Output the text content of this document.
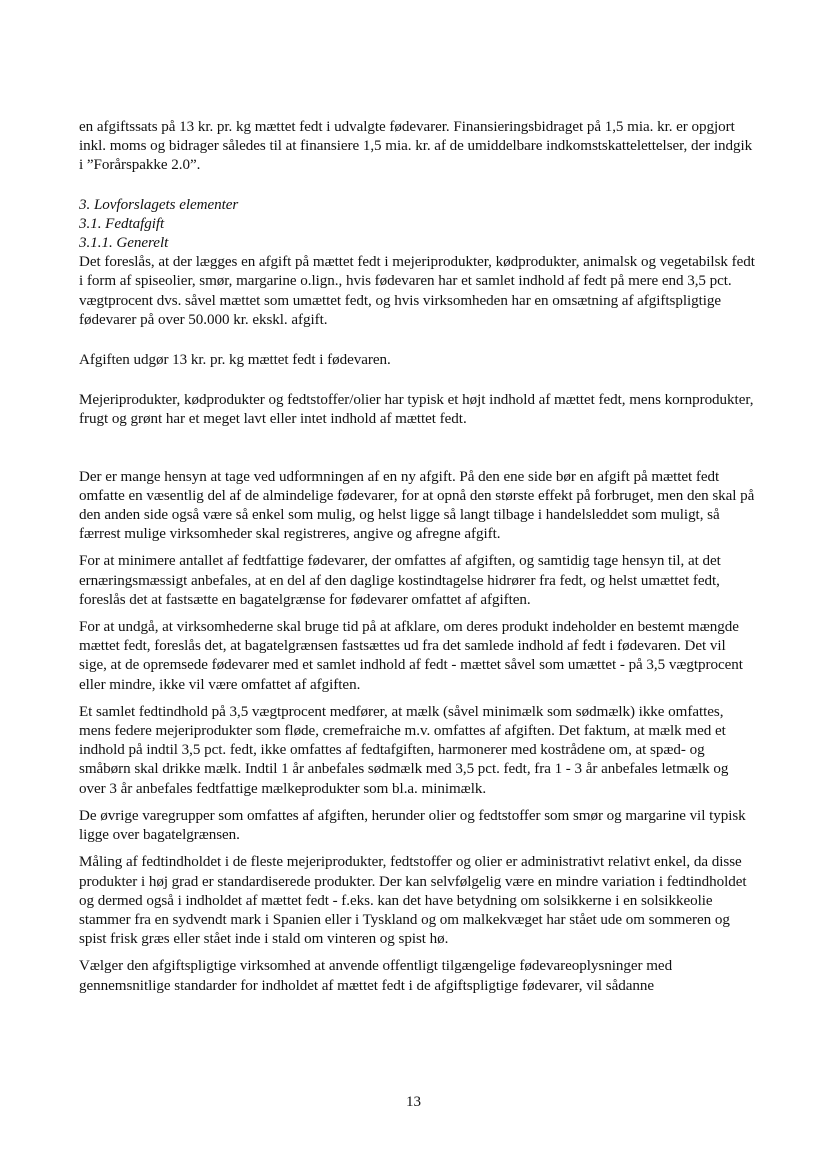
en afgiftssats på 13 kr. pr. kg mættet fedt i udvalgte fødevarer. Finansieringsbidraget på 1,5 mia. kr. er opgjort inkl. moms og bidrager således til at finansiere 1,5 mia. kr. af de umiddelbare indkomstskattelettelser, der indgik i ”Forårspakke 2.0”.

3. Lovforslagets elementer

3.1. Fedtafgift

3.1.1. Generelt

Det foreslås, at der lægges en afgift på mættet fedt i mejeriprodukter, kødprodukter, animalsk og vegetabilsk fedt i form af spiseolier, smør, margarine o.lign., hvis fødevaren har et samlet indhold af fedt på mere end 3,5 pct. vægtprocent dvs. såvel mættet som umættet fedt, og hvis virksomheden har en omsætning af afgiftspligtige fødevarer på over 50.000 kr. ekskl. afgift.

Afgiften udgør 13 kr. pr. kg mættet fedt i fødevaren.

Mejeriprodukter, kødprodukter og fedtstoffer/olier har typisk et højt indhold af mættet fedt, mens kornprodukter, frugt og grønt har et meget lavt eller intet indhold af mættet fedt.

Der er mange hensyn at tage ved udformningen af en ny afgift. På den ene side bør en afgift på mættet fedt omfatte en væsentlig del af de almindelige fødevarer, for at opnå den største effekt på forbruget, men den skal på den anden side også være så enkel som mulig, og helst ligge så langt tilbage i handelsleddet som muligt, så færrest mulige virksomheder skal registreres, angive og afregne afgift.

For at minimere antallet af fedtfattige fødevarer, der omfattes af afgiften, og samtidig tage hensyn til, at det ernæringsmæssigt anbefales, at en del af den daglige kostindtagelse hidrører fra fedt, og helst umættet fedt, foreslås det at fastsætte en bagatelgrænse for fødevarer omfattet af afgiften.

For at undgå, at virksomhederne skal bruge tid på at afklare, om deres produkt indeholder en bestemt mængde mættet fedt, foreslås det, at bagatelgrænsen fastsættes ud fra det samlede indhold af fedt i fødevaren. Det vil sige, at de opremsede fødevarer med et samlet indhold af fedt - mættet såvel som umættet - på 3,5 vægtprocent eller mindre, ikke vil være omfattet af afgiften.

Et samlet fedtindhold på 3,5 vægtprocent medfører, at mælk (såvel minimælk som sødmælk) ikke omfattes, mens federe mejeriprodukter som fløde, cremefraiche m.v. omfattes af afgiften. Det faktum, at mælk med et indhold på indtil 3,5 pct. fedt, ikke omfattes af fedtafgiften, harmonerer med kostrådene om, at spæd- og småbørn skal drikke mælk. Indtil 1 år anbefales sødmælk med 3,5 pct. fedt, fra 1 - 3 år anbefales letmælk og over 3 år anbefales fedtfattige mælkeprodukter som bl.a. minimælk.

De øvrige varegrupper som omfattes af afgiften, herunder olier og fedtstoffer som smør og margarine vil typisk ligge over bagatelgrænsen.

Måling af fedtindholdet i de fleste mejeriprodukter, fedtstoffer og olier er administrativt relativt enkel, da disse produkter i høj grad er standardiserede produkter. Der kan selvfølgelig være en mindre variation i fedtindholdet og dermed også i indholdet af mættet fedt - f.eks. kan det have betydning om solsikkerne i en solsikkeolie stammer fra en sydvendt mark i Spanien eller i Tyskland og om malkekvæget har stået ude om sommeren og spist frisk græs eller stået inde i stald om vinteren og spist hø.

Vælger den afgiftspligtige virksomhed at anvende offentligt tilgængelige fødevareoplysninger med gennemsnitlige standarder for indholdet af mættet fedt i de afgiftspligtige fødevarer, vil sådanne

13
